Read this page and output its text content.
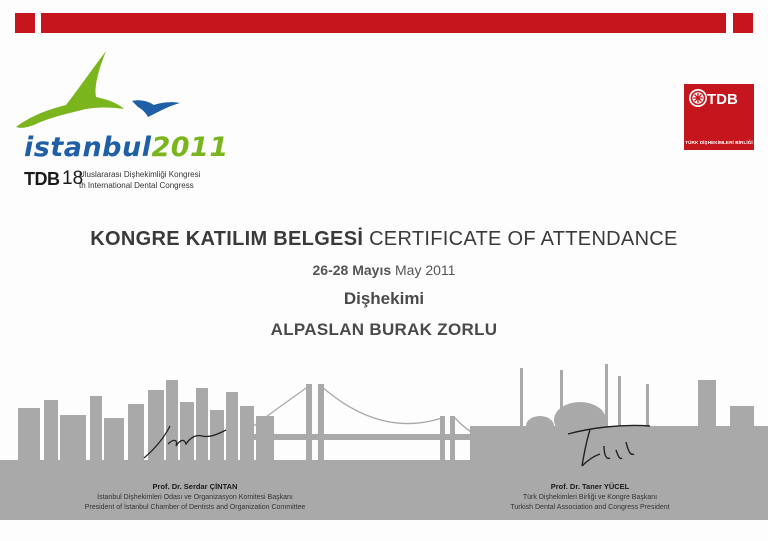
istanbul2011
TDB 18
Uluslararası Dişhekimliği Kongresi
th International Dental Congress
TDB
TÜRK DİŞHEKİMLERİ BİRLİĞİ
KONGRE KATILIM BELGESİ CERTIFICATE OF ATTENDANCE
26-28 Mayıs May 2011
Dişhekimi
ALPASLAN BURAK ZORLU
Prof. Dr. Serdar ÇİNTAN
İstanbul Dişhekimleri Odası ve Organizasyon Komitesi Başkanı
President of İstanbul Chamber of Dentists and Organization Committee
Prof. Dr. Taner YÜCEL
Türk Dişhekimleri Birliği ve Kongre Başkanı
Turkish Dental Association and Congress President
